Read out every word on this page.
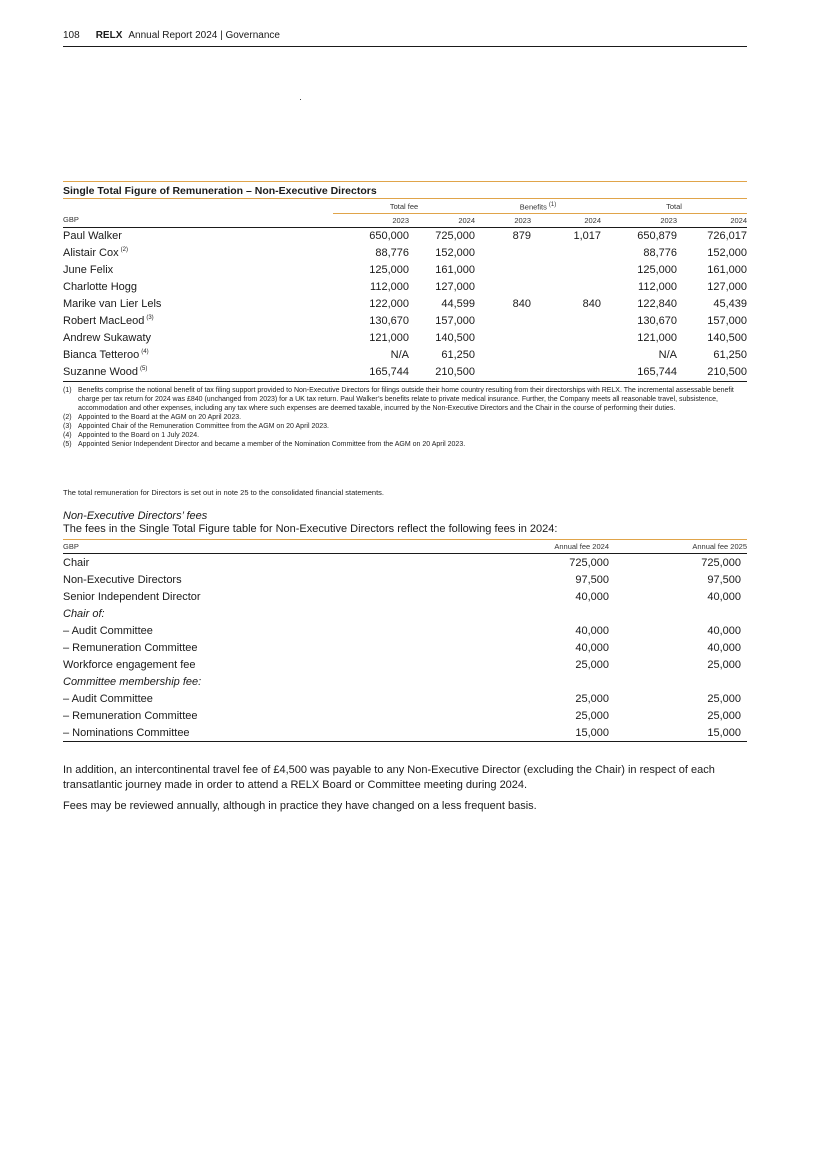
108 RELX Annual Report 2024 | Governance
Single Total Figure of Remuneration – Non-Executive Directors
	Total fee		Benefits $^{(1)}$		Total	
GBP	2023	2024	2023	2024	2023	2024
Paul Walker	650,000	725,000	879	1,017	650,879	726,017
Alistair Cox $^{(2)}$	88,776	152,000			88,776	152,000
June Felix	125,000	161,000			125,000	161,000
Charlotte Hogg	112,000	127,000			112,000	127,000
Marike van Lier Lels	122,000	44,599	840	840	122,840	45,439
Robert MacLeod $^{(3)}$	130,670	157,000			130,670	157,000
Andrew Sukawaty	121,000	140,500			121,000	140,500
Bianca Tetteroo $^{(4)}$	N/A	61,250			N/A	61,250
Suzanne Wood $^{(5)}$	165,744	210,500			165,744	210,500
(1) Benefits comprise the notional benefit of tax filing support provided to Non-Executive Directors for filings outside their home country resulting from their directorships with RELX. The incremental assessable benefit charge per tax return for 2024 was £840 (unchanged from 2023) for a UK tax return. Paul Walker’s benefits relate to private medical insurance. Further, the Company meets all reasonable travel, subsistence, accommodation and other expenses, including any tax where such expenses are deemed taxable, incurred by the Non-Executive Directors and the Chair in the course of performing their duties.
(2) Appointed to the Board at the AGM on 20 April 2023.
(3) Appointed Chair of the Remuneration Committee from the AGM on 20 April 2023.
(4) Appointed to the Board on 1 July 2024.
(5) Appointed Senior Independent Director and became a member of the Nomination Committee from the AGM on 20 April 2023.
The total remuneration for Directors is set out in note 25 to the consolidated financial statements.
Non-Executive Directors’ fees
The fees in the Single Total Figure table for Non-Executive Directors reflect the following fees in 2024:
GBP	Annual fee 2024	Annual fee 2025
Chair	725,000	725,000
Non-Executive Directors	97,500	97,500
Senior Independent Director	40,000	40,000
Chair of:		
– Audit Committee	40,000	40,000
– Remuneration Committee	40,000	40,000
Workforce engagement fee	25,000	25,000
Committee membership fee:		
– Audit Committee	25,000	25,000
– Remuneration Committee	25,000	25,000
– Nominations Committee	15,000	15,000

In addition, an intercontinental travel fee of £4,500 was payable to any Non-Executive Director (excluding the Chair) in respect of each transatlantic journey made in order to attend a RELX Board or Committee meeting during 2024.

Fees may be reviewed annually, although in practice they have changed on a less frequent basis.
